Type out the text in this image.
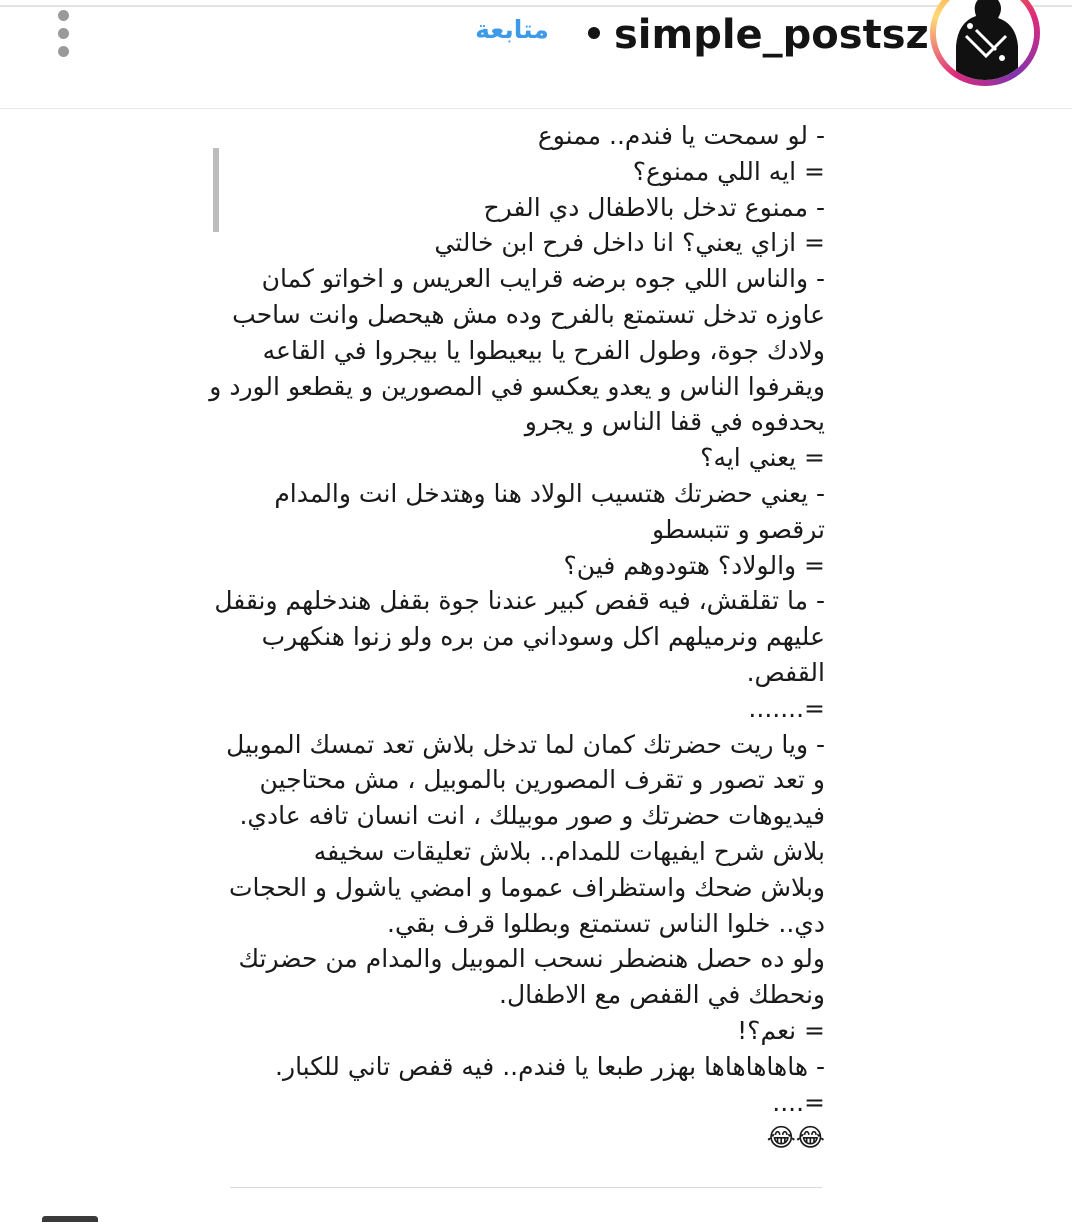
متابعة	simple_postsz
- لو سمحت يا فندم.. ممنوع
= ايه اللي ممنوع؟
- ممنوع تدخل بالاطفال دي الفرح
= ازاي يعني؟ انا داخل فرح ابن خالتي
- والناس اللي جوه برضه قرايب العريس و اخواتو كمان
عاوزه تدخل تستمتع بالفرح وده مش هيحصل وانت ساحب
ولادك جوة، وطول الفرح يا بيعيطوا يا بيجروا في القاعه
ويقرفوا الناس و يعدو يعكسو في المصورين و يقطعو الورد و
يحدفوه في قفا الناس و يجرو
= يعني ايه؟
- يعني حضرتك هتسيب الولاد هنا وهتدخل انت والمدام
ترقصو و تتبسطو
= والولاد؟ هتودوهم فين؟
- ما تقلقش، فيه قفص كبير عندنا جوة بقفل هندخلهم ونقفل
عليهم ونرميلهم اكل وسوداني من بره ولو زنوا هنكهرب
القفص.
=.......
- ويا ريت حضرتك كمان لما تدخل بلاش تعد تمسك الموبيل
و تعد تصور و تقرف المصورين بالموبيل ، مش محتاجين
فيديوهات حضرتك و صور موبيلك ، انت انسان تافه عادي.
بلاش شرح ايفيهات للمدام.. بلاش تعليقات سخيفه
وبلاش ضحك واستظراف عموما و امضي ياشول و الحجات
دي.. خلوا الناس تستمتع وبطلوا قرف بقي.
ولو ده حصل هنضطر نسحب الموبيل والمدام من حضرتك
ونحطك في القفص مع الاطفال.
= نعم؟!
- هاهاهاهاها بهزر طبعا يا فندم.. فيه قفص تاني للكبار.
=....
😂😂
